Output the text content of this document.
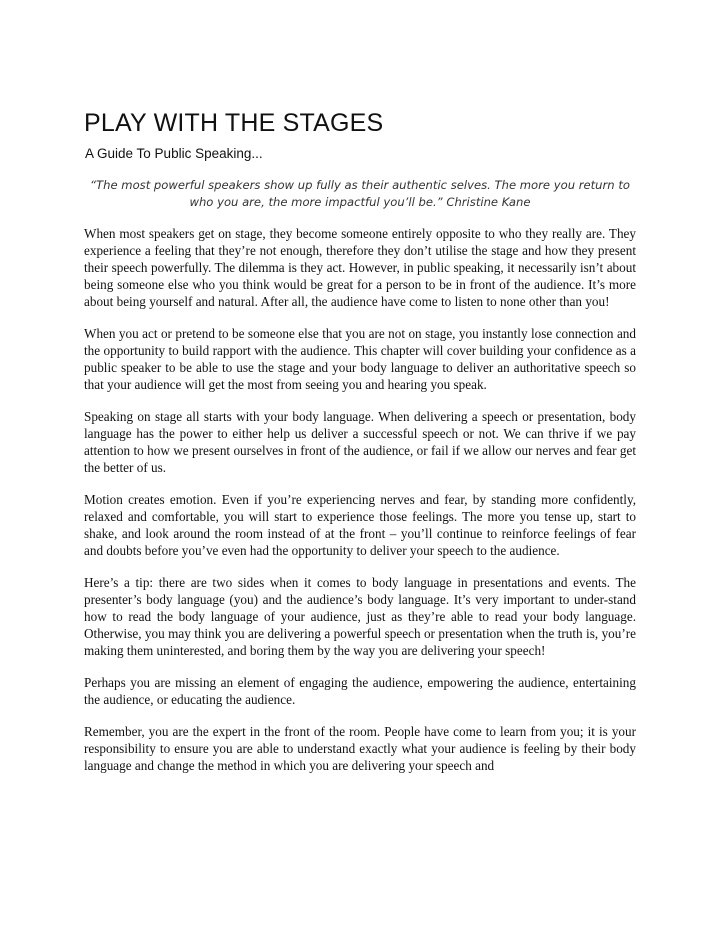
PLAY WITH THE STAGES
A Guide To Public Speaking...

“The most powerful speakers show up fully as their authentic selves. The more you return to who you are, the more impactful you’ll be.” Christine Kane

When most speakers get on stage, they become someone entirely opposite to who they really are. They experience a feeling that they’re not enough, therefore they don’t utilise the stage and how they present their speech powerfully. The dilemma is they act. However, in public speaking, it necessarily isn’t about being someone else who you think would be great for a person to be in front of the audience. It’s more about being yourself and natural. After all, the audience have come to listen to none other than you!

When you act or pretend to be someone else that you are not on stage, you instantly lose connection and the opportunity to build rapport with the audience. This chapter will cover building your confidence as a public speaker to be able to use the stage and your body language to deliver an authoritative speech so that your audience will get the most from seeing you and hearing you speak.

Speaking on stage all starts with your body language. When delivering a speech or presentation, body language has the power to either help us deliver a successful speech or not. We can thrive if we pay attention to how we present ourselves in front of the audience, or fail if we allow our nerves and fear get the better of us.

Motion creates emotion. Even if you’re experiencing nerves and fear, by standing more confidently, relaxed and comfortable, you will start to experience those feelings. The more you tense up, start to shake, and look around the room instead of at the front – you’ll continue to reinforce feelings of fear and doubts before you’ve even had the opportunity to deliver your speech to the audience.

Here’s a tip: there are two sides when it comes to body language in presentations and events. The presenter’s body language (you) and the audience’s body language. It’s very important to under-stand how to read the body language of your audience, just as they’re able to read your body language. Otherwise, you may think you are delivering a powerful speech or presentation when the truth is, you’re making them uninterested, and boring them by the way you are delivering your speech!

Perhaps you are missing an element of engaging the audience, empowering the audience, entertaining the audience, or educating the audience.

Remember, you are the expert in the front of the room. People have come to learn from you; it is your responsibility to ensure you are able to understand exactly what your audience is feeling by their body language and change the method in which you are delivering your speech and
